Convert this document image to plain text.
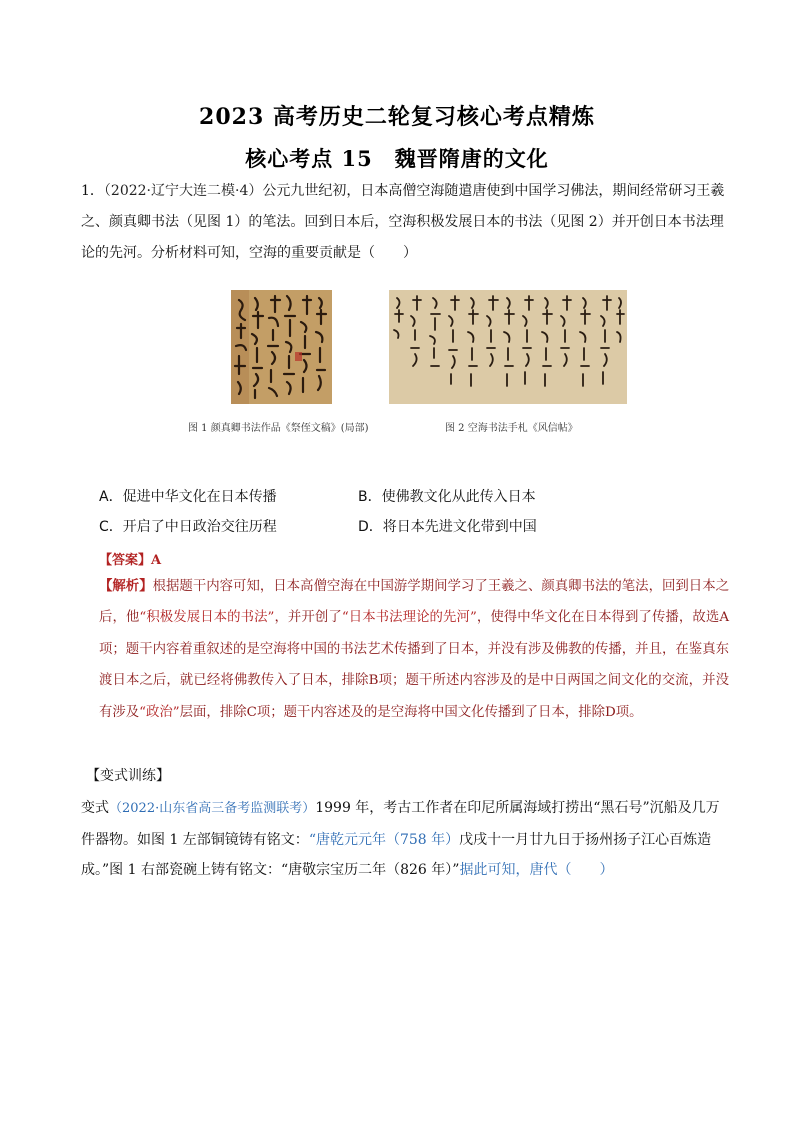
2023 高考历史二轮复习核心考点精炼
核心考点 15 魏晋隋唐的文化
1．（2022·辽宁大连二模·4）公元九世纪初，日本高僧空海随遣唐使到中国学习佛法，期间经常研习王羲之、颜真卿书法（见图 1）的笔法。回到日本后，空海积极发展日本的书法（见图 2）并开创日本书法理论的先河。分析材料可知，空海的重要贡献是（　　）
图 1 颜真卿书法作品《祭侄文稿》(局部)	图 2 空海书法手札《风信帖》
A．促进中华文化在日本传播	B．使佛教文化从此传入日本
C．开启了中日政治交往历程	D．将日本先进文化带到中国
【答案】A
【解析】根据题干内容可知，日本高僧空海在中国游学期间学习了王羲之、颜真卿书法的笔法，回到日本之后，他“积极发展日本的书法”，并开创了“日本书法理论的先河”，使得中华文化在日本得到了传播，故选A项；题干内容着重叙述的是空海将中国的书法艺术传播到了日本，并没有涉及佛教的传播，并且，在鉴真东渡日本之后，就已经将佛教传入了日本，排除B项；题干所述内容涉及的是中日两国之间文化的交流，并没有涉及“政治”层面，排除C项；题干内容述及的是空海将中国文化传播到了日本，排除D项。
【变式训练】
变式（2022·山东省高三备考监测联考）1999 年，考古工作者在印尼所属海域打捞出“黑石号”沉船及几万件器物。如图 1 左部铜镜铸有铭文：“唐乾元元年（758 年）戊戌十一月廿九日于扬州扬子江心百炼造成。”图 1 右部瓷碗上铸有铭文：“唐敬宗宝历二年（826 年）”据此可知，唐代（　　）
